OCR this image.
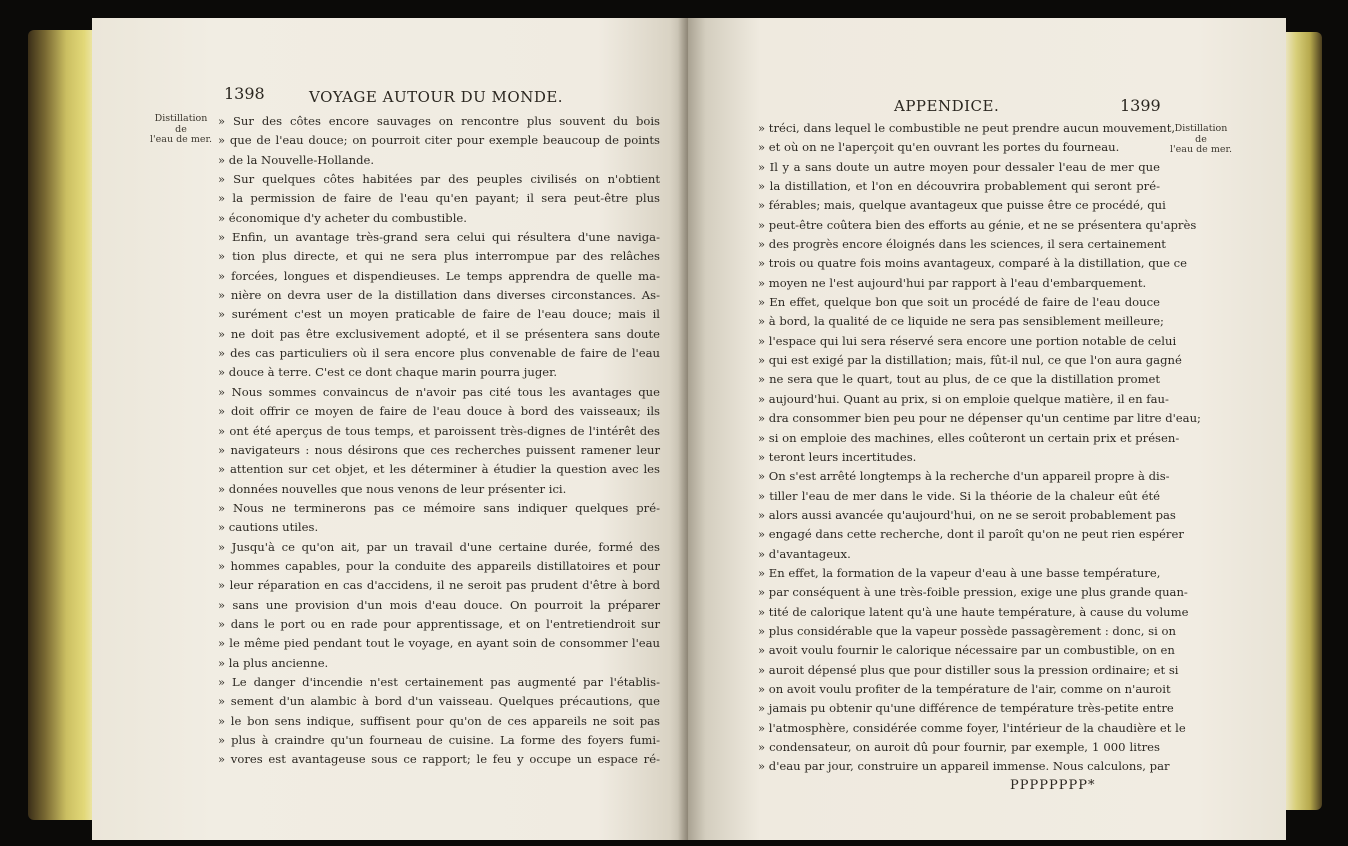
1398	VOYAGE AUTOUR DU MONDE.
Distillation
de
l'eau de mer.
» Sur des côtes encore sauvages on rencontre plus souvent du bois
» que de l'eau douce; on pourroit citer pour exemple beaucoup de points
» de la Nouvelle-Hollande.
» Sur quelques côtes habitées par des peuples civilisés on n'obtient
» la permission de faire de l'eau qu'en payant; il sera peut-être plus
» économique d'y acheter du combustible.
» Enfin, un avantage très-grand sera celui qui résultera d'une naviga-
» tion plus directe, et qui ne sera plus interrompue par des relâches
» forcées, longues et dispendieuses. Le temps apprendra de quelle ma-
» nière on devra user de la distillation dans diverses circonstances. As-
» surément c'est un moyen praticable de faire de l'eau douce; mais il
» ne doit pas être exclusivement adopté, et il se présentera sans doute
» des cas particuliers où il sera encore plus convenable de faire de l'eau
» douce à terre. C'est ce dont chaque marin pourra juger.
» Nous sommes convaincus de n'avoir pas cité tous les avantages que
» doit offrir ce moyen de faire de l'eau douce à bord des vaisseaux; ils
» ont été aperçus de tous temps, et paroissent très-dignes de l'intérêt des
» navigateurs : nous désirons que ces recherches puissent ramener leur
» attention sur cet objet, et les déterminer à étudier la question avec les
» données nouvelles que nous venons de leur présenter ici.
» Nous ne terminerons pas ce mémoire sans indiquer quelques pré-
» cautions utiles.
» Jusqu'à ce qu'on ait, par un travail d'une certaine durée, formé des
» hommes capables, pour la conduite des appareils distillatoires et pour
» leur réparation en cas d'accidens, il ne seroit pas prudent d'être à bord
» sans une provision d'un mois d'eau douce. On pourroit la préparer
» dans le port ou en rade pour apprentissage, et on l'entretiendroit sur
» le même pied pendant tout le voyage, en ayant soin de consommer l'eau
» la plus ancienne.
» Le danger d'incendie n'est certainement pas augmenté par l'établis-
» sement d'un alambic à bord d'un vaisseau. Quelques précautions, que
» le bon sens indique, suffisent pour qu'on de ces appareils ne soit pas
» plus à craindre qu'un fourneau de cuisine. La forme des foyers fumi-
» vores est avantageuse sous ce rapport; le feu y occupe un espace ré-
APPENDICE.	1399
Distillation
de
l'eau de mer.
» tréci, dans lequel le combustible ne peut prendre aucun mouvement,
» et où on ne l'aperçoit qu'en ouvrant les portes du fourneau.
» Il y a sans doute un autre moyen pour dessaler l'eau de mer que
» la distillation, et l'on en découvrira probablement qui seront pré-
» férables; mais, quelque avantageux que puisse être ce procédé, qui
» peut-être coûtera bien des efforts au génie, et ne se présentera qu'après
» des progrès encore éloignés dans les sciences, il sera certainement
» trois ou quatre fois moins avantageux, comparé à la distillation, que ce
» moyen ne l'est aujourd'hui par rapport à l'eau d'embarquement.
» En effet, quelque bon que soit un procédé de faire de l'eau douce
» à bord, la qualité de ce liquide ne sera pas sensiblement meilleure;
» l'espace qui lui sera réservé sera encore une portion notable de celui
» qui est exigé par la distillation; mais, fût-il nul, ce que l'on aura gagné
» ne sera que le quart, tout au plus, de ce que la distillation promet
» aujourd'hui. Quant au prix, si on emploie quelque matière, il en fau-
» dra consommer bien peu pour ne dépenser qu'un centime par litre d'eau;
» si on emploie des machines, elles coûteront un certain prix et présen-
» teront leurs incertitudes.
» On s'est arrêté longtemps à la recherche d'un appareil propre à dis-
» tiller l'eau de mer dans le vide. Si la théorie de la chaleur eût été
» alors aussi avancée qu'aujourd'hui, on ne se seroit probablement pas
» engagé dans cette recherche, dont il paroît qu'on ne peut rien espérer
» d'avantageux.
» En effet, la formation de la vapeur d'eau à une basse température,
» par conséquent à une très-foible pression, exige une plus grande quan-
» tité de calorique latent qu'à une haute température, à cause du volume
» plus considérable que la vapeur possède passagèrement : donc, si on
» avoit voulu fournir le calorique nécessaire par un combustible, on en
» auroit dépensé plus que pour distiller sous la pression ordinaire; et si
» on avoit voulu profiter de la température de l'air, comme on n'auroit
» jamais pu obtenir qu'une différence de température très-petite entre
» l'atmosphère, considérée comme foyer, l'intérieur de la chaudière et le
» condensateur, on auroit dû pour fournir, par exemple, 1 000 litres
» d'eau par jour, construire un appareil immense. Nous calculons, par
PPPPPPPP*
